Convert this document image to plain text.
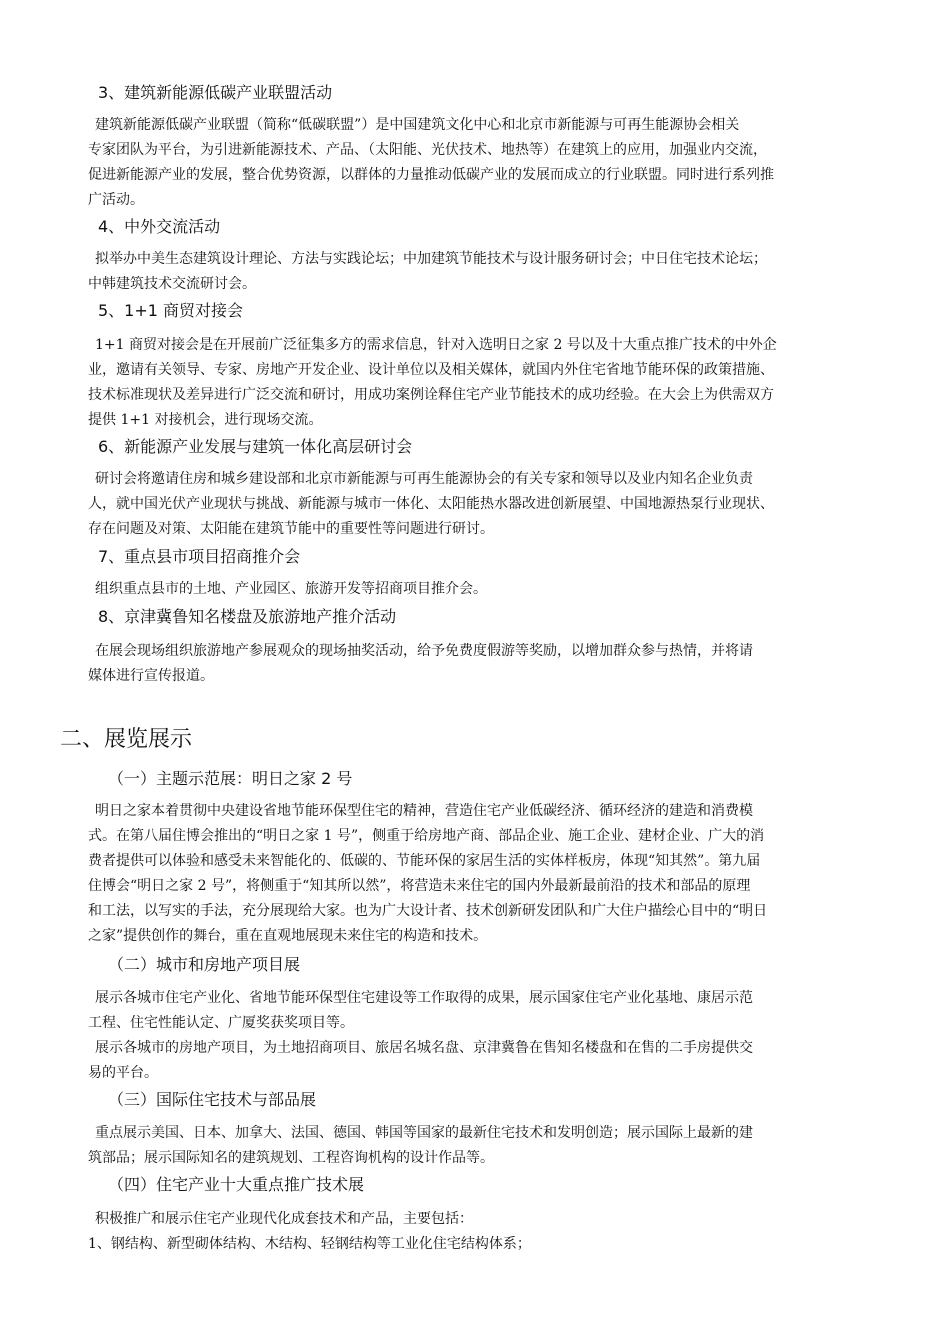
3、建筑新能源低碳产业联盟活动
建筑新能源低碳产业联盟（简称“低碳联盟”）是中国建筑文化中心和北京市新能源与可再生能源协会相关
专家团队为平台，为引进新能源技术、产品、（太阳能、光伏技术、地热等）在建筑上的应用，加强业内交流，
促进新能源产业的发展，整合优势资源，以群体的力量推动低碳产业的发展而成立的行业联盟。同时进行系列推
广活动。
4、中外交流活动
拟举办中美生态建筑设计理论、方法与实践论坛；中加建筑节能技术与设计服务研讨会；中日住宅技术论坛；
中韩建筑技术交流研讨会。
5、1+1 商贸对接会
1+1 商贸对接会是在开展前广泛征集多方的需求信息，针对入选明日之家 2 号以及十大重点推广技术的中外企
业，邀请有关领导、专家、房地产开发企业、设计单位以及相关媒体，就国内外住宅省地节能环保的政策措施、
技术标准现状及差异进行广泛交流和研讨，用成功案例诠释住宅产业节能技术的成功经验。在大会上为供需双方
提供 1+1 对接机会，进行现场交流。
6、新能源产业发展与建筑一体化高层研讨会
研讨会将邀请住房和城乡建设部和北京市新能源与可再生能源协会的有关专家和领导以及业内知名企业负责
人，就中国光伏产业现状与挑战、新能源与城市一体化、太阳能热水器改进创新展望、中国地源热泵行业现状、
存在问题及对策、太阳能在建筑节能中的重要性等问题进行研讨。
7、重点县市项目招商推介会
组织重点县市的土地、产业园区、旅游开发等招商项目推介会。
8、京津冀鲁知名楼盘及旅游地产推介活动
在展会现场组织旅游地产参展观众的现场抽奖活动，给予免费度假游等奖励，以增加群众参与热情，并将请
媒体进行宣传报道。
二、展览展示
（一）主题示范展：明日之家 2 号
明日之家本着贯彻中央建设省地节能环保型住宅的精神，营造住宅产业低碳经济、循环经济的建造和消费模
式。在第八届住博会推出的“明日之家 1 号”，侧重于给房地产商、部品企业、施工企业、建材企业、广大的消
费者提供可以体验和感受未来智能化的、低碳的、节能环保的家居生活的实体样板房，体现“知其然”。第九届
住博会“明日之家 2 号”，将侧重于“知其所以然”，将营造未来住宅的国内外最新最前沿的技术和部品的原理
和工法，以写实的手法，充分展现给大家。也为广大设计者、技术创新研发团队和广大住户描绘心目中的“明日
之家”提供创作的舞台，重在直观地展现未来住宅的构造和技术。
（二）城市和房地产项目展
展示各城市住宅产业化、省地节能环保型住宅建设等工作取得的成果，展示国家住宅产业化基地、康居示范
工程、住宅性能认定、广厦奖获奖项目等。
展示各城市的房地产项目，为土地招商项目、旅居名城名盘、京津冀鲁在售知名楼盘和在售的二手房提供交
易的平台。
（三）国际住宅技术与部品展
重点展示美国、日本、加拿大、法国、德国、韩国等国家的最新住宅技术和发明创造；展示国际上最新的建
筑部品；展示国际知名的建筑规划、工程咨询机构的设计作品等。
（四）住宅产业十大重点推广技术展
积极推广和展示住宅产业现代化成套技术和产品，主要包括：
1、钢结构、新型砌体结构、木结构、轻钢结构等工业化住宅结构体系；
